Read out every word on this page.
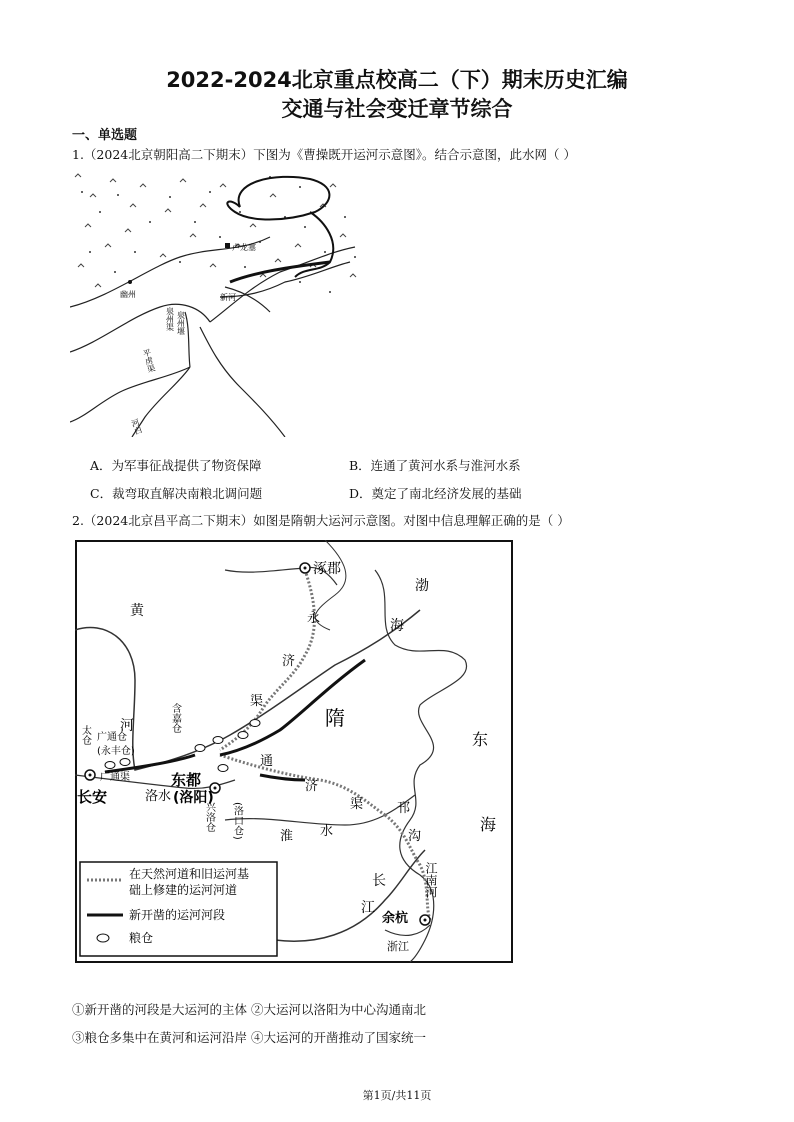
2022-2024北京重点校高二（下）期末历史汇编
交通与社会变迁章节综合
一、单选题
1.（2024北京朝阳高二下期末）下图为《曹操既开运河示意图》。结合示意图，此水网（ ）
卢龙塞
幽州	新河
泉州渠 泉州堰
平虏渠
河白
A．为军事征战提供了物资保障	B．连通了黄河水系与淮河水系
C．裁弯取直解决南粮北调问题	D．奠定了南北经济发展的基础
2.（2024北京昌平高二下期末）如图是隋朝大运河示意图。对图中信息理解正确的是（ ）
涿郡
黄
河
永
济
渠
隋
渤
海
东
海
含嘉仓
太仓 广通仓
(永丰仓)
广通渠
兴洛仓 (洛口仓)
长安	洛水
东都
(洛阳)
通
济
渠
淮 水
邗
沟
江南河
长
江
余杭
浙江
在天然河道和旧运河基
础上修建的运河河道
新开凿的运河河段
粮仓
①新开凿的河段是大运河的主体 ②大运河以洛阳为中心沟通南北
③粮仓多集中在黄河和运河沿岸 ④大运河的开凿推动了国家统一
第1页/共11页
